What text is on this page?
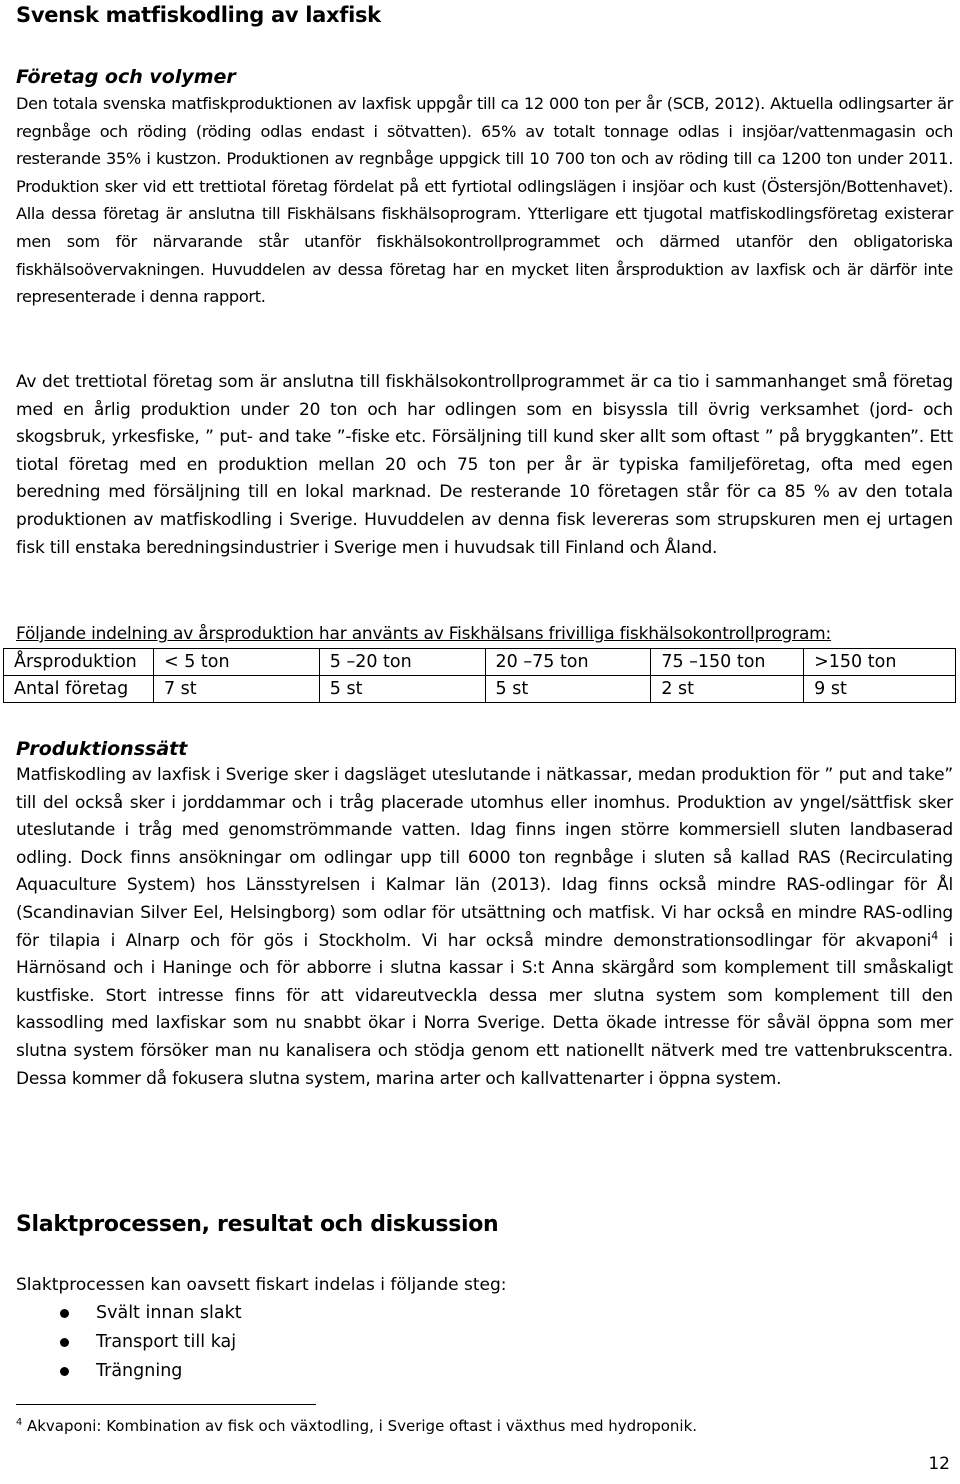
Svensk matfiskodling av laxfisk
Företag och volymer

Den totala svenska matfiskproduktionen av laxfisk uppgår till ca 12 000 ton per år (SCB, 2012). Aktuella odlingsarter är regnbåge och röding (röding odlas endast i sötvatten). 65% av totalt tonnage odlas i insjöar/vattenmagasin och resterande 35% i kustzon. Produktionen av regnbåge uppgick till 10 700 ton och av röding till ca 1200 ton under 2011. Produktion sker vid ett trettiotal företag fördelat på ett fyrtiotal odlingslägen i insjöar och kust (Östersjön/Bottenhavet). Alla dessa företag är anslutna till Fiskhälsans fiskhälsoprogram. Ytterligare ett tjugotal matfiskodlingsföretag existerar men som för närvarande står utanför fiskhälsokontrollprogrammet och därmed utanför den obligatoriska fiskhälsoövervakningen. Huvuddelen av dessa företag har en mycket liten årsproduktion av laxfisk och är därför inte representerade i denna rapport.

Av det trettiotal företag som är anslutna till fiskhälsokontrollprogrammet är ca tio i sammanhanget små företag med en årlig produktion under 20 ton och har odlingen som en bisyssla till övrig verksamhet (jord- och skogsbruk, yrkesfiske, ” put- and take ”-fiske etc. Försäljning till kund sker allt som oftast ” på bryggkanten”. Ett tiotal företag med en produktion mellan 20 och 75 ton per år är typiska familjeföretag, ofta med egen beredning med försäljning till en lokal marknad. De resterande 10 företagen står för ca 85 % av den totala produktionen av matfiskodling i Sverige. Huvuddelen av denna fisk levereras som strupskuren men ej urtagen fisk till enstaka beredningsindustrier i Sverige men i huvudsak till Finland och Åland.

Följande indelning av årsproduktion har använts av Fiskhälsans frivilliga fiskhälsokontrollprogram:

Årsproduktion	< 5 ton	5 –20 ton	20 –75 ton	75 –150 ton	>150 ton
Antal företag	7 st	5 st	5 st	2 st	9 st
Produktionssätt

Matfiskodling av laxfisk i Sverige sker i dagsläget uteslutande i nätkassar, medan produktion för ” put and take” till del också sker i jorddammar och i tråg placerade utomhus eller inomhus. Produktion av yngel/sättfisk sker uteslutande i tråg med genomströmmande vatten. Idag finns ingen större kommersiell sluten landbaserad odling. Dock finns ansökningar om odlingar upp till 6000 ton regnbåge i sluten så kallad RAS (Recirculating Aquaculture System) hos Länsstyrelsen i Kalmar län (2013). Idag finns också mindre RAS-odlingar för Ål (Scandinavian Silver Eel, Helsingborg) som odlar för utsättning och matfisk. Vi har också en mindre RAS-odling för tilapia i Alnarp och för gös i Stockholm. Vi har också mindre demonstrationsodlingar för akvaponi$^4$ i Härnösand och i Haninge och för abborre i slutna kassar i S:t Anna skärgård som komplement till småskaligt kustfiske. Stort intresse finns för att vidareutveckla dessa mer slutna system som komplement till den kassodling med laxfiskar som nu snabbt ökar i Norra Sverige. Detta ökade intresse för såväl öppna som mer slutna system försöker man nu kanalisera och stödja genom ett nationellt nätverk med tre vattenbrukscentra. Dessa kommer då fokusera slutna system, marina arter och kallvattenarter i öppna system.

Slaktprocessen, resultat och diskussion

Slaktprocessen kan oavsett fiskart indelas i följande steg:

Svält innan slakt
Transport till kaj
Trängning

$^4$ Akvaponi: Kombination av fisk och växtodling, i Sverige oftast i växthus med hydroponik.

12
